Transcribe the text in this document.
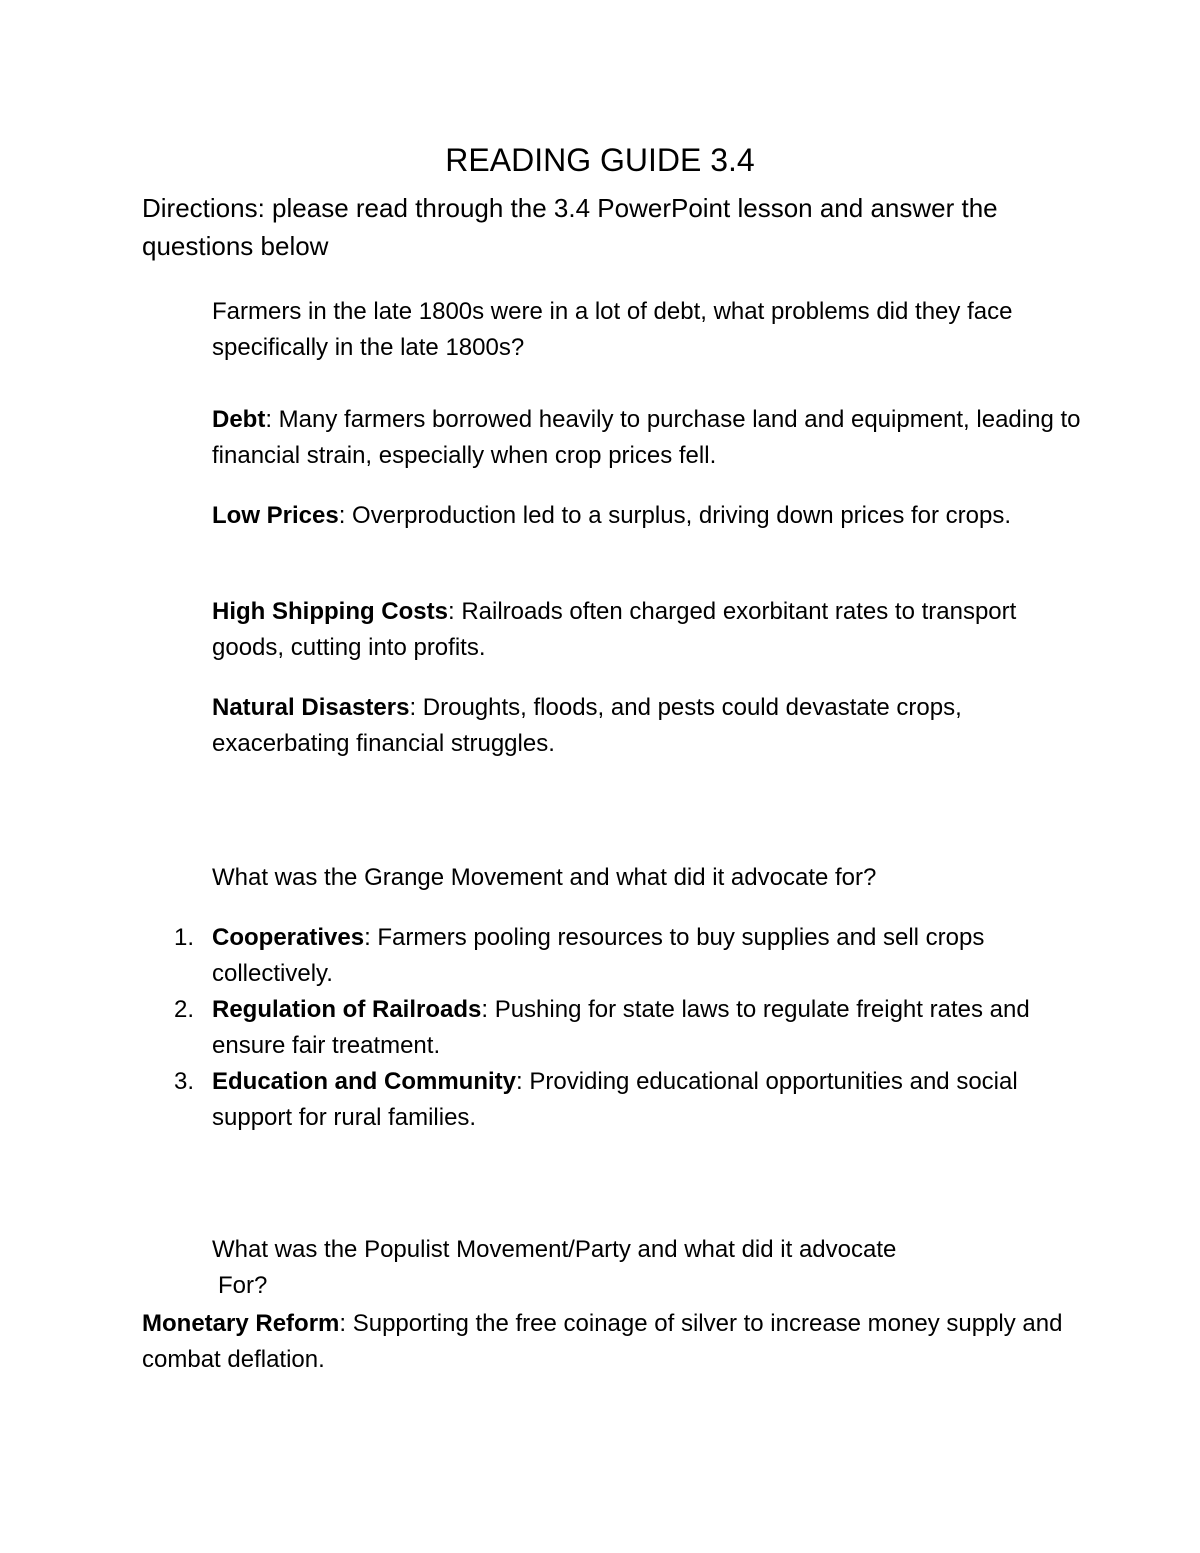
READING GUIDE 3.4
Directions: please read through the 3.4 PowerPoint lesson and answer the questions below
Farmers in the late 1800s were in a lot of debt, what problems did they face specifically in the late 1800s?
Debt: Many farmers borrowed heavily to purchase land and equipment, leading to financial strain, especially when crop prices fell.
Low Prices: Overproduction led to a surplus, driving down prices for crops.
High Shipping Costs: Railroads often charged exorbitant rates to transport goods, cutting into profits.
Natural Disasters: Droughts, floods, and pests could devastate crops, exacerbating financial struggles.
What was the Grange Movement and what did it advocate for?
1. Cooperatives: Farmers pooling resources to buy supplies and sell crops collectively.
2. Regulation of Railroads: Pushing for state laws to regulate freight rates and ensure fair treatment.
3. Education and Community: Providing educational opportunities and social support for rural families.
What was the Populist Movement/Party and what did it advocate
For?
Monetary Reform: Supporting the free coinage of silver to increase money supply and combat deflation.
